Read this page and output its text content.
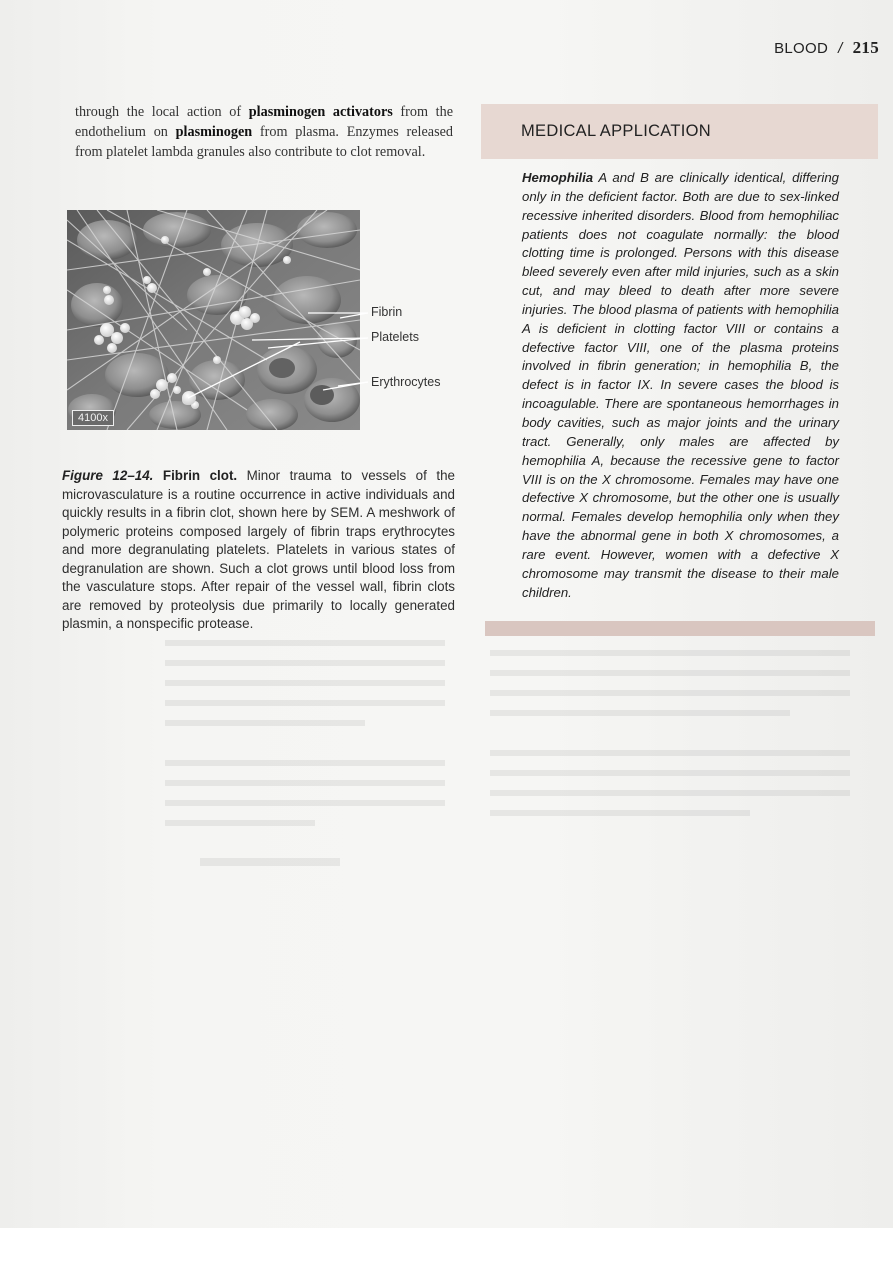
BLOOD / 215

through the local action of plasminogen activators from the endothelium on plasminogen from plasma. Enzymes released from platelet lambda granules also contribute to clot removal.

4100x
Fibrin
Platelets
Erythrocytes

Figure 12–14. Fibrin clot. Minor trauma to vessels of the microvasculature is a routine occurrence in active individuals and quickly results in a fibrin clot, shown here by SEM. A meshwork of polymeric proteins composed largely of fibrin traps erythrocytes and more degranulating platelets. Platelets in various states of degranulation are shown. Such a clot grows until blood loss from the vasculature stops. After repair of the vessel wall, fibrin clots are removed by proteolysis due primarily to locally generated plasmin, a nonspecific protease.

MEDICAL APPLICATION

Hemophilia A and B are clinically identical, differing only in the deficient factor. Both are due to sex-linked recessive inherited disorders. Blood from hemophiliac patients does not coagulate normally: the blood clotting time is prolonged. Persons with this disease bleed severely even after mild injuries, such as a skin cut, and may bleed to death after more severe injuries. The blood plasma of patients with hemophilia A is deficient in clotting factor VIII or contains a defective factor VIII, one of the plasma proteins involved in fibrin generation; in hemophilia B, the defect is in factor IX. In severe cases the blood is incoagulable. There are spontaneous hemorrhages in body cavities, such as major joints and the urinary tract. Generally, only males are affected by hemophilia A, because the recessive gene to factor VIII is on the X chromosome. Females may have one defective X chromosome, but the other one is usually normal. Females develop hemophilia only when they have the abnormal gene in both X chromosomes, a rare event. However, women with a defective X chromosome may transmit the disease to their male children.
